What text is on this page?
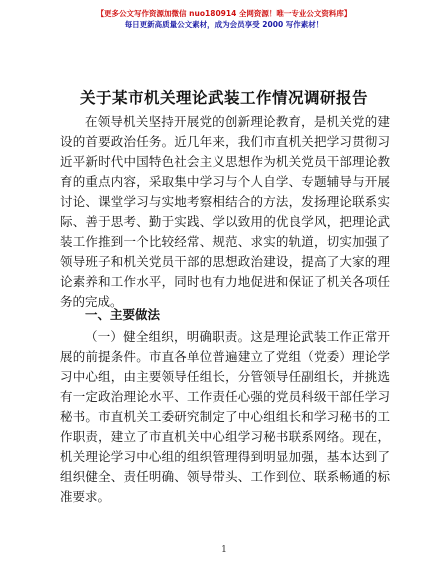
【更多公文写作资源加微信 nuo180914 全网资源！唯一专业公文资料库】
每日更新高质量公文素材，成为会员享受 2000 写作素材！
关于某市机关理论武装工作情况调研报告
在领导机关坚持开展党的创新理论教育，是机关党的建设的首要政治任务。近几年来，我们市直机关把学习贯彻习近平新时代中国特色社会主义思想作为机关党员干部理论教育的重点内容，采取集中学习与个人自学、专题辅导与开展讨论、课堂学习与实地考察相结合的方法，发扬理论联系实际、善于思考、勤于实践、学以致用的优良学风，把理论武装工作推到一个比较经常、规范、求实的轨道，切实加强了领导班子和机关党员干部的思想政治建设，提高了大家的理论素养和工作水平，同时也有力地促进和保证了机关各项任务的完成。
一、主要做法
（一）健全组织，明确职责。这是理论武装工作正常开展的前提条件。市直各单位普遍建立了党组（党委）理论学习中心组，由主要领导任组长，分管领导任副组长，并挑选有一定政治理论水平、工作责任心强的党员科级干部任学习秘书。市直机关工委研究制定了中心组组长和学习秘书的工作职责，建立了市直机关中心组学习秘书联系网络。现在，机关理论学习中心组的组织管理得到明显加强，基本达到了组织健全、责任明确、领导带头、工作到位、联系畅通的标准要求。
1
